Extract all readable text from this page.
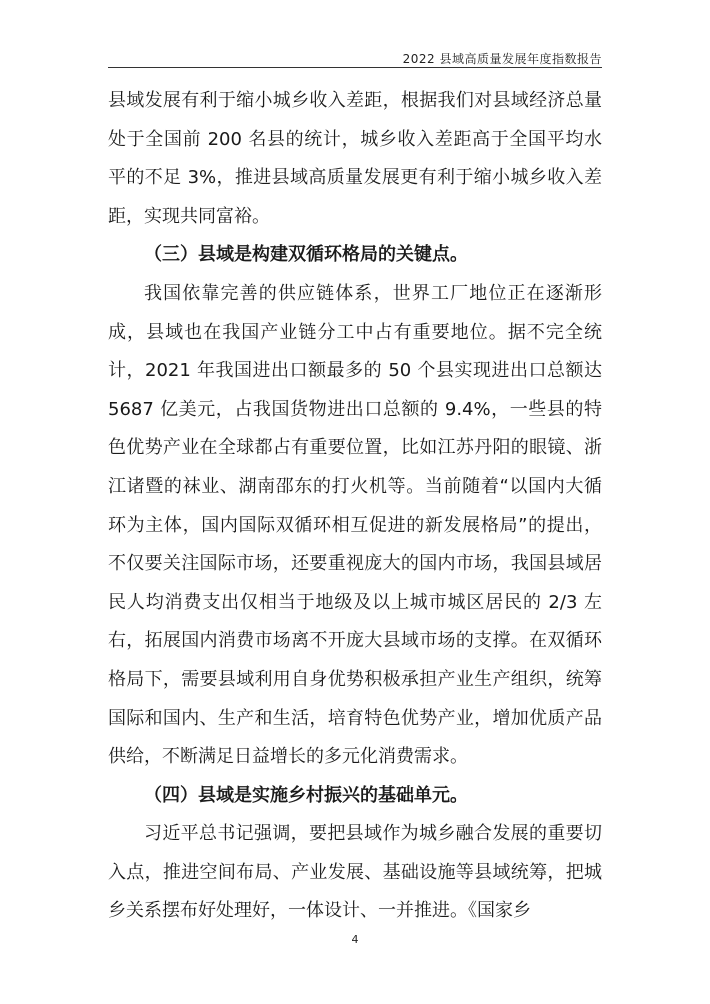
2022 县域高质量发展年度指数报告

县域发展有利于缩小城乡收入差距，根据我们对县域经济总量处于全国前 200 名县的统计，城乡收入差距高于全国平均水平的不足 3%，推进县域高质量发展更有利于缩小城乡收入差距，实现共同富裕。

（三）县域是构建双循环格局的关键点。

我国依靠完善的供应链体系，世界工厂地位正在逐渐形成，县域也在我国产业链分工中占有重要地位。据不完全统计，2021 年我国进出口额最多的 50 个县实现进出口总额达 5687 亿美元，占我国货物进出口总额的 9.4%，一些县的特色优势产业在全球都占有重要位置，比如江苏丹阳的眼镜、浙江诸暨的袜业、湖南邵东的打火机等。当前随着“以国内大循环为主体，国内国际双循环相互促进的新发展格局”的提出，不仅要关注国际市场，还要重视庞大的国内市场，我国县域居民人均消费支出仅相当于地级及以上城市城区居民的 2/3 左右，拓展国内消费市场离不开庞大县域市场的支撑。在双循环格局下，需要县域利用自身优势积极承担产业生产组织，统筹国际和国内、生产和生活，培育特色优势产业，增加优质产品供给，不断满足日益增长的多元化消费需求。

（四）县域是实施乡村振兴的基础单元。

习近平总书记强调，要把县域作为城乡融合发展的重要切入点，推进空间布局、产业发展、基础设施等县域统筹，把城乡关系摆布好处理好，一体设计、一并推进。《国家乡

4
